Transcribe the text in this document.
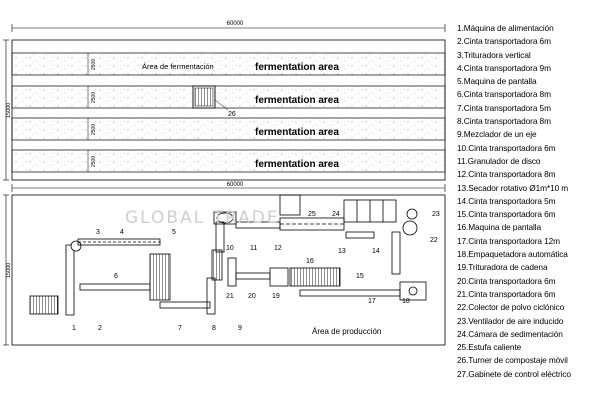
60000
15000
15000
2500
2500
2500
2500
Área de fermentación	fermentation area
fermentation area
fermentation area
fermentation area
26
60000
1	2
3	4	5
6
7	8	9
10 11 12	13	14
15
16
17	18
19
20
21
22
23
24
25
Área de producción
GLOBAL TRADE
1.Máquina de alimentación
2.Cinta transportadora 6m
3.Trituradora vertical
4.Cinta transportadora 9m
5.Maquina de pantalla
6.Cinta transportadora 8m
7.Cinta transportadora 5m
8.Cinta transportadora 8m
9.Mezclador de un eje
10.Cinta transportadora 6m
11.Granulador de disco
12.Cinta transportadora 8m
13.Secador rotativo Ø1m*10 m
14.Cinta transportadora 5m
15.Cinta transportadora 6m
16.Maquina de pantalla
17.Cinta transportadora 12m
18.Empaquetadora automática
19.Trituradora de cadena
20.Cinta transportadora 6m
21.Cinta transportadora 6m
22.Colector de polvo ciclónico
23.Ventilador de aire inducido
24.Cámara de sedimentación
25.Estufa caliente
26.Turner de compostaje móvil
27.Gabinete de control eléctrico
